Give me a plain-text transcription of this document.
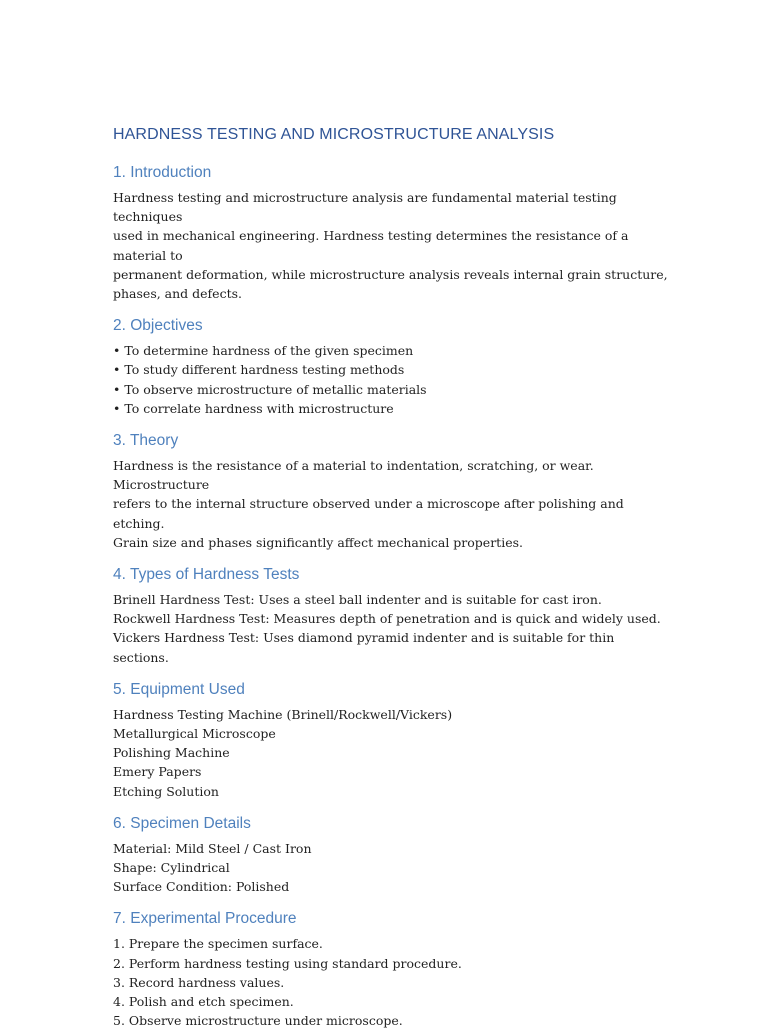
HARDNESS TESTING AND MICROSTRUCTURE ANALYSIS
1. Introduction

Hardness testing and microstructure analysis are fundamental material testing techniques

used in mechanical engineering. Hardness testing determines the resistance of a material to

permanent deformation, while microstructure analysis reveals internal grain structure,

phases, and defects.

2. Objectives

• To determine hardness of the given specimen

• To study different hardness testing methods

• To observe microstructure of metallic materials

• To correlate hardness with microstructure

3. Theory

Hardness is the resistance of a material to indentation, scratching, or wear. Microstructure

refers to the internal structure observed under a microscope after polishing and etching.

Grain size and phases significantly affect mechanical properties.

4. Types of Hardness Tests

Brinell Hardness Test: Uses a steel ball indenter and is suitable for cast iron.

Rockwell Hardness Test: Measures depth of penetration and is quick and widely used.

Vickers Hardness Test: Uses diamond pyramid indenter and is suitable for thin sections.

5. Equipment Used

Hardness Testing Machine (Brinell/Rockwell/Vickers)

Metallurgical Microscope

Polishing Machine

Emery Papers

Etching Solution

6. Specimen Details

Material: Mild Steel / Cast Iron

Shape: Cylindrical

Surface Condition: Polished

7. Experimental Procedure

1. Prepare the specimen surface.

2. Perform hardness testing using standard procedure.

3. Record hardness values.

4. Polish and etch specimen.

5. Observe microstructure under microscope.
